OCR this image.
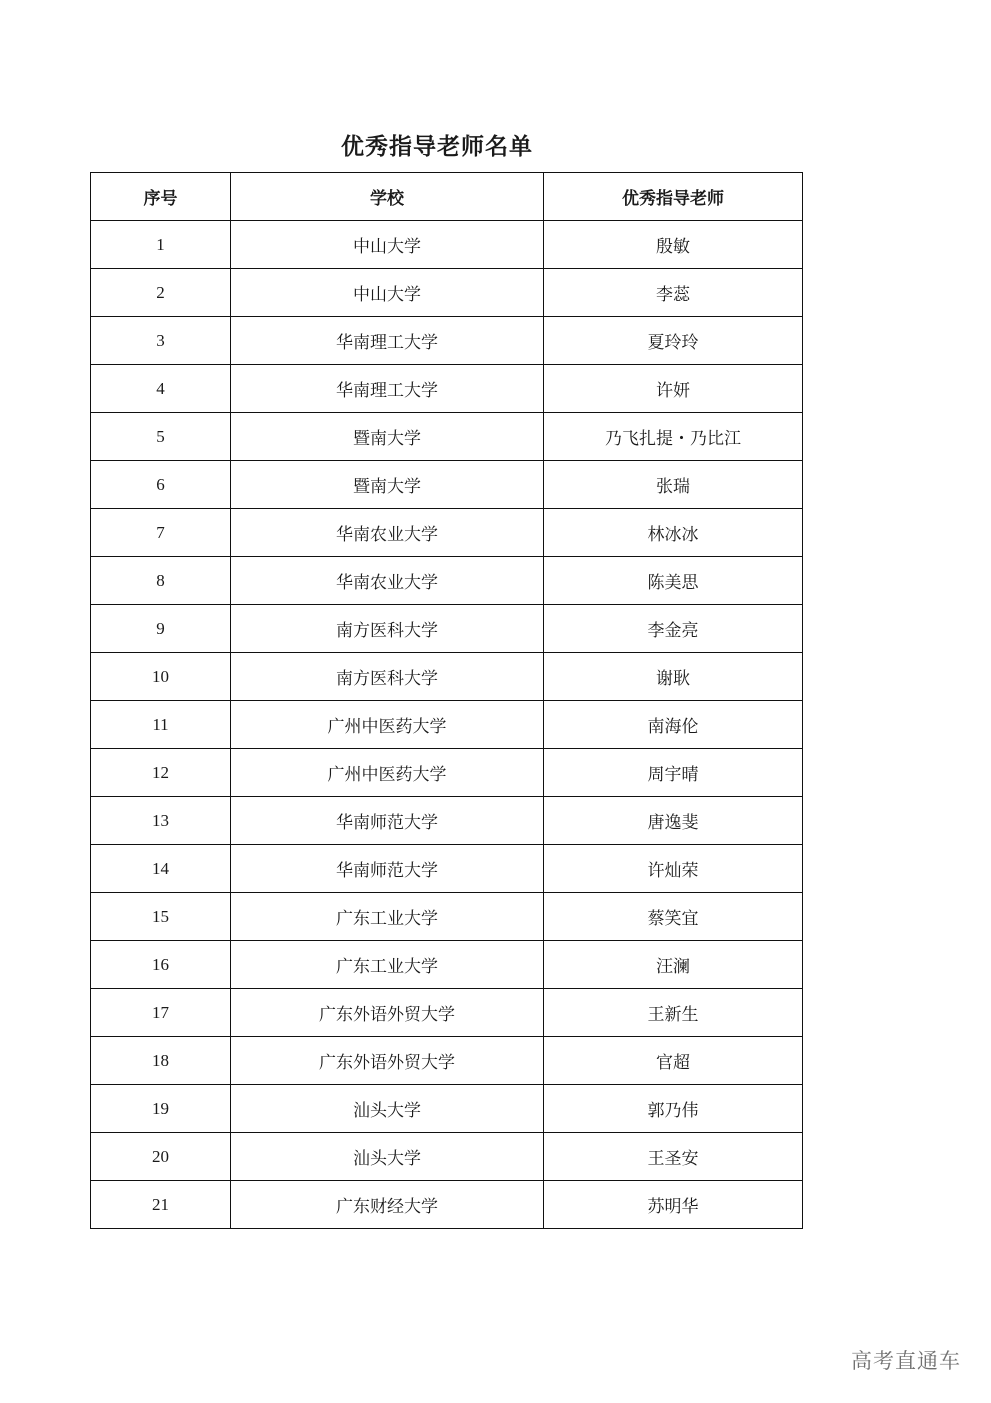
优秀指导老师名单
序号	学校	优秀指导老师
1	中山大学	殷敏
2	中山大学	李蕊
3	华南理工大学	夏玲玲
4	华南理工大学	许妍
5	暨南大学	乃飞扎提・乃比江
6	暨南大学	张瑞
7	华南农业大学	林冰冰
8	华南农业大学	陈美思
9	南方医科大学	李金亮
10	南方医科大学	谢耿
11	广州中医药大学	南海伦
12	广州中医药大学	周宇晴
13	华南师范大学	唐逸斐
14	华南师范大学	许灿荣
15	广东工业大学	蔡笑宜
16	广东工业大学	汪澜
17	广东外语外贸大学	王新生
18	广东外语外贸大学	官超
19	汕头大学	郭乃伟
20	汕头大学	王圣安
21	广东财经大学	苏明华
高考直通车
